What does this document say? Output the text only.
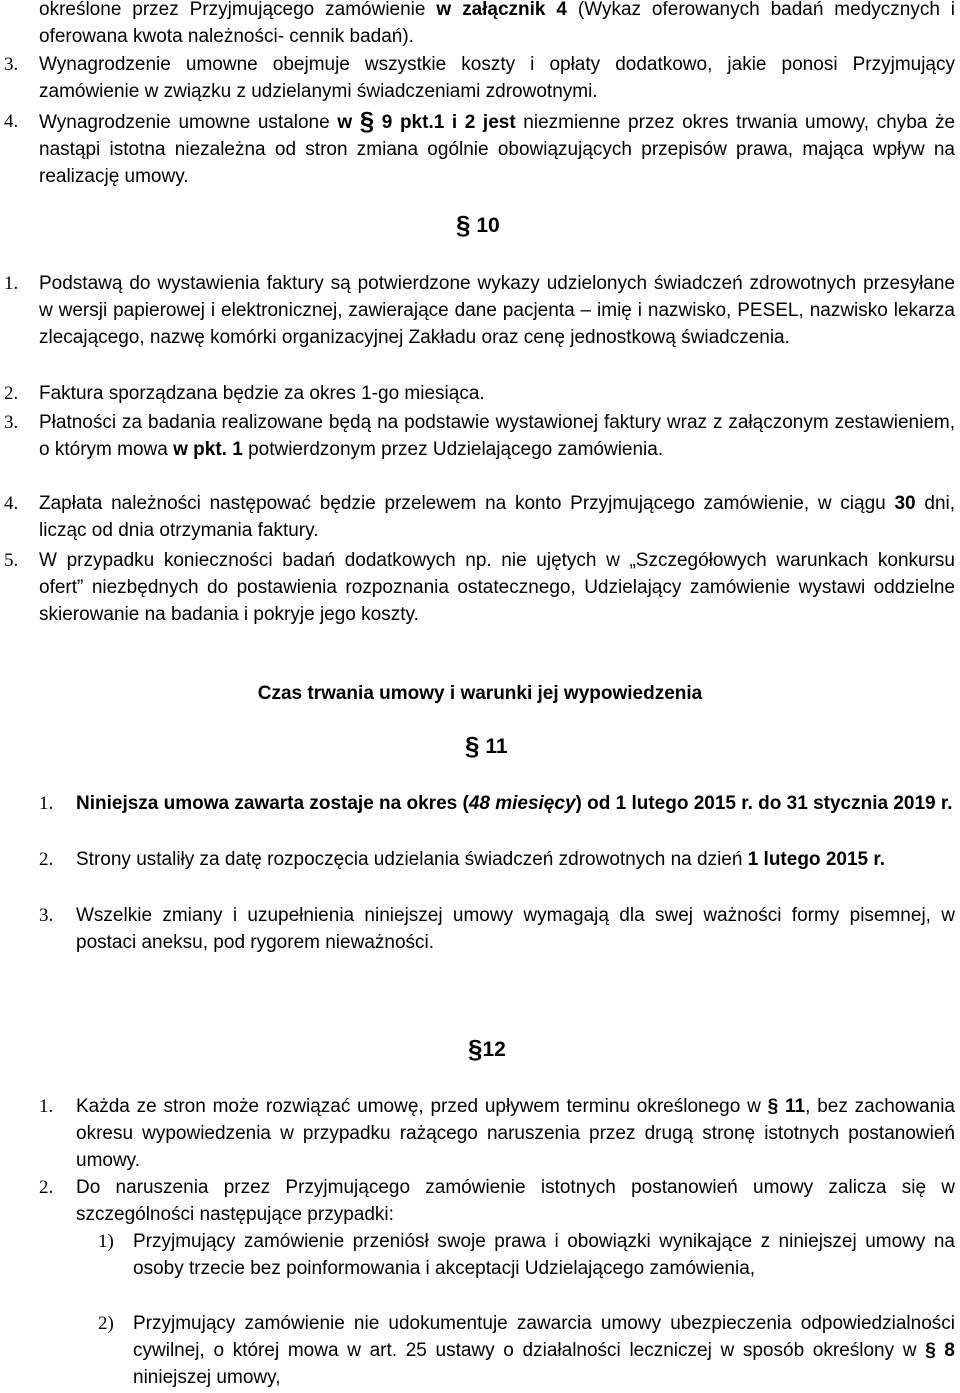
określone przez Przyjmującego zamówienie w załącznik 4 (Wykaz oferowanych badań medycznych i oferowana kwota należności- cennik badań).

3. Wynagrodzenie umowne obejmuje wszystkie koszty i opłaty dodatkowo, jakie ponosi Przyjmujący zamówienie w związku z udzielanymi świadczeniami zdrowotnymi.

4. Wynagrodzenie umowne ustalone w § 9 pkt.1 i 2 jest niezmienne przez okres trwania umowy, chyba że nastąpi istotna niezależna od stron zmiana ogólnie obowiązujących przepisów prawa, mająca wpływ na realizację umowy.

§ 10
1. Podstawą do wystawienia faktury są potwierdzone wykazy udzielonych świadczeń zdrowotnych przesyłane w wersji papierowej i elektronicznej, zawierające dane pacjenta – imię i nazwisko, PESEL, nazwisko lekarza zlecającego, nazwę komórki organizacyjnej Zakładu oraz cenę jednostkową świadczenia.

2. Faktura sporządzana będzie za okres 1-go miesiąca.

3. Płatności za badania realizowane będą na podstawie wystawionej faktury wraz z załączonym zestawieniem, o którym mowa w pkt. 1 potwierdzonym przez Udzielającego zamówienia.

4. Zapłata należności następować będzie przelewem na konto Przyjmującego zamówienie, w ciągu 30 dni, licząc od dnia otrzymania faktury.

5. W przypadku konieczności badań dodatkowych np. nie ujętych w „Szczegółowych warunkach konkursu ofert” niezbędnych do postawienia rozpoznania ostatecznego, Udzielający zamówienie wystawi oddzielne skierowanie na badania i pokryje jego koszty.

Czas trwania umowy i warunki jej wypowiedzenia
§ 11
1. Niniejsza umowa zawarta zostaje na okres (48 miesięcy) od 1 lutego 2015 r. do 31 stycznia 2019 r.

2. Strony ustaliły za datę rozpoczęcia udzielania świadczeń zdrowotnych na dzień 1 lutego 2015 r.

3. Wszelkie zmiany i uzupełnienia niniejszej umowy wymagają dla swej ważności formy pisemnej, w postaci aneksu, pod rygorem nieważności.

§12
1. Każda ze stron może rozwiązać umowę, przed upływem terminu określonego w § 11, bez zachowania okresu wypowiedzenia w przypadku rażącego naruszenia przez drugą stronę istotnych postanowień umowy.

2. Do naruszenia przez Przyjmującego zamówienie istotnych postanowień umowy zalicza się w szczególności następujące przypadki:

1) Przyjmujący zamówienie przeniósł swoje prawa i obowiązki wynikające z niniejszej umowy na osoby trzecie bez poinformowania i akceptacji Udzielającego zamówienia,

2) Przyjmujący zamówienie nie udokumentuje zawarcia umowy ubezpieczenia odpowiedzialności cywilnej, o której mowa w art. 25 ustawy o działalności leczniczej w sposób określony w § 8 niniejszej umowy,
